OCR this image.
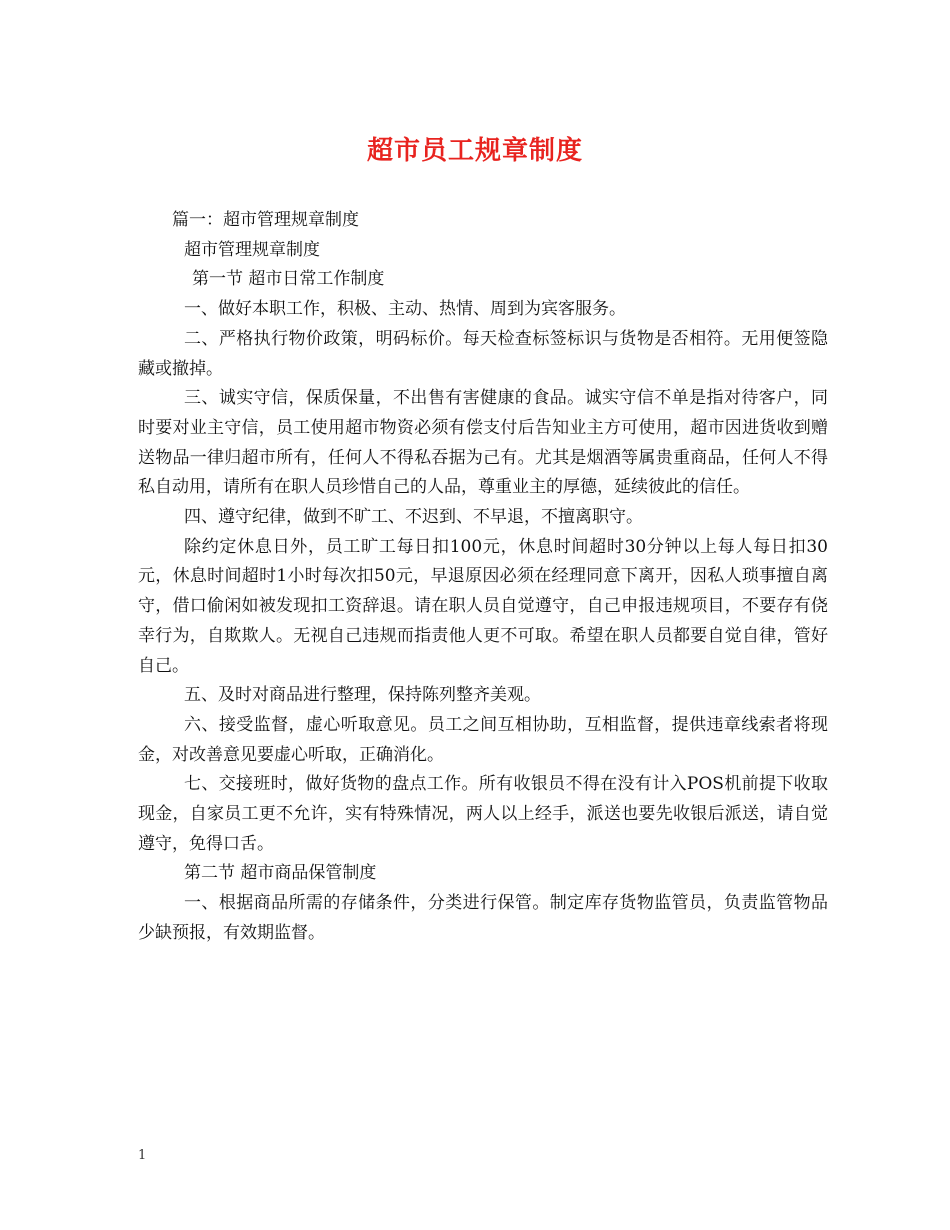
超市员工规章制度

篇一：超市管理规章制度

超市管理规章制度

第一节 超市日常工作制度

一、做好本职工作，积极、主动、热情、周到为宾客服务。

二、严格执行物价政策，明码标价。每天检查标签标识与货物是否相符。无用便签隐藏或撤掉。

三、诚实守信，保质保量，不出售有害健康的食品。诚实守信不单是指对待客户，同时要对业主守信，员工使用超市物资必须有偿支付后告知业主方可使用，超市因进货收到赠送物品一律归超市所有，任何人不得私吞据为己有。尤其是烟酒等属贵重商品，任何人不得私自动用，请所有在职人员珍惜自己的人品，尊重业主的厚德，延续彼此的信任。

四、遵守纪律，做到不旷工、不迟到、不早退，不擅离职守。

除约定休息日外，员工旷工每日扣100元，休息时间超时30分钟以上每人每日扣30元，休息时间超时1小时每次扣50元，早退原因必须在经理同意下离开，因私人琐事擅自离守，借口偷闲如被发现扣工资辞退。请在职人员自觉遵守，自己申报违规项目，不要存有侥幸行为，自欺欺人。无视自己违规而指责他人更不可取。希望在职人员都要自觉自律，管好自己。

五、及时对商品进行整理，保持陈列整齐美观。

六、接受监督，虚心听取意见。员工之间互相协助，互相监督，提供违章线索者将现金，对改善意见要虚心听取，正确消化。

七、交接班时，做好货物的盘点工作。所有收银员不得在没有计入POS机前提下收取现金，自家员工更不允许，实有特殊情况，两人以上经手，派送也要先收银后派送，请自觉遵守，免得口舌。

第二节 超市商品保管制度

一、根据商品所需的存储条件，分类进行保管。制定库存货物监管员，负责监管物品少缺预报，有效期监督。

1
